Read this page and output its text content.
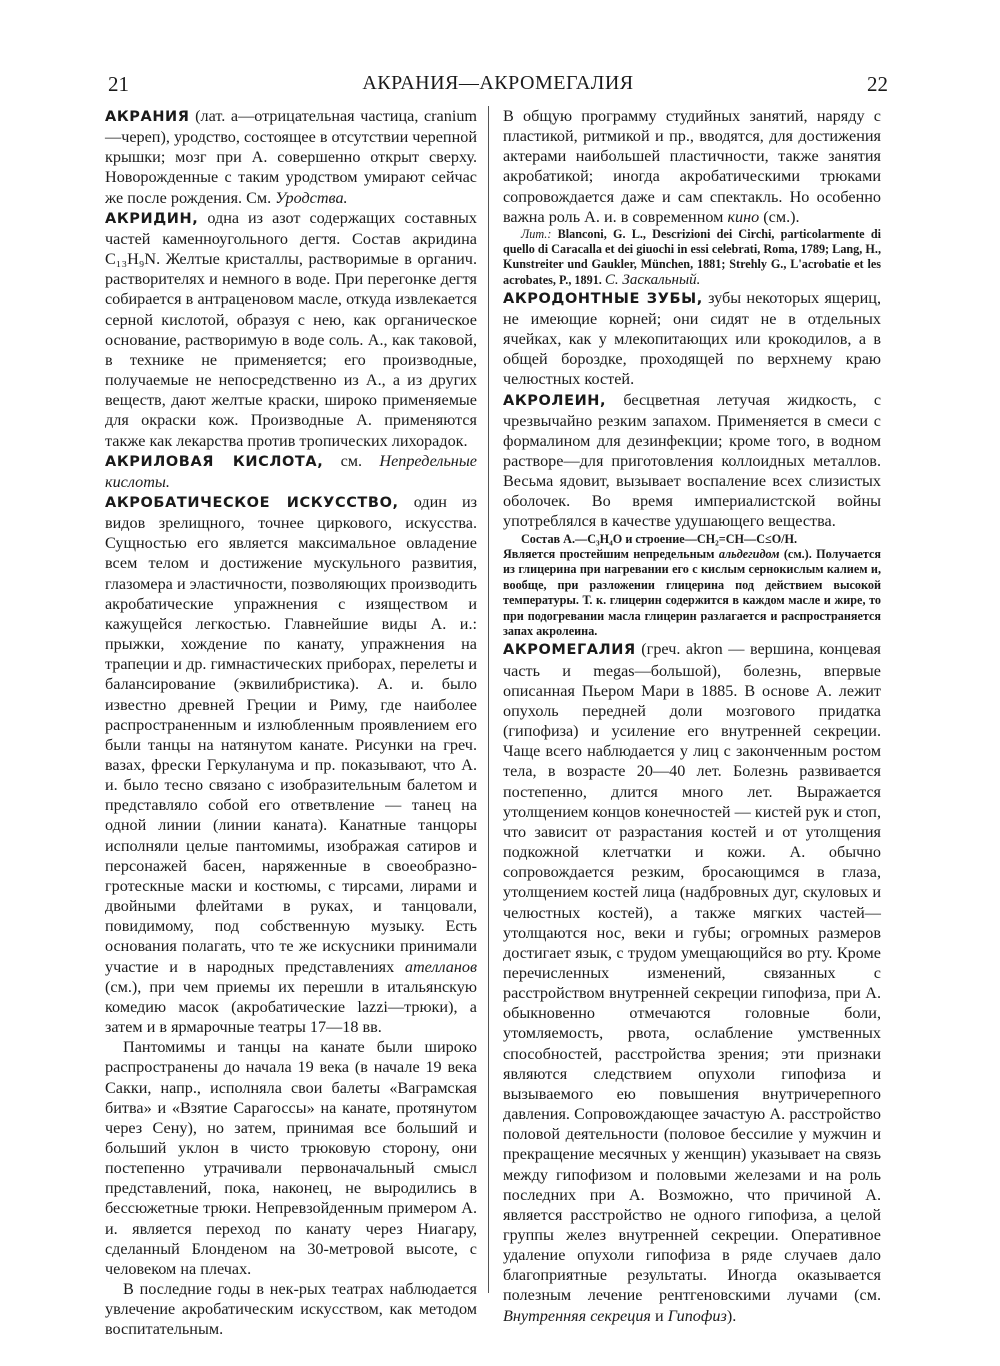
21	АКРАНИЯ—АКРОМЕГАЛИЯ	22

АКРАНИЯ (лат. a—отрицательная частица, cranium—череп), уродство, состоящее в отсутствии черепной крышки; мозг при А. совершенно открыт сверху. Новорожденные с таким уродством умирают сейчас же после рождения. См. Уродства.

АКРИДИН, одна из азот содержащих составных частей каменноугольного дегтя. Состав акридина C₁₃H₉N. Желтые кристаллы, растворимые в органич. растворителях и немного в воде. При перегонке дегтя собирается в антраценовом масле, откуда извлекается серной кислотой, образуя с нею, как органическое основание, растворимую в воде соль. А., как таковой, в технике не применяется; его производные, получаемые не непосредственно из А., а из других веществ, дают желтые краски, широко применяемые для окраски кож. Производные А. применяются также как лекарства против тропических лихорадок.

АКРИЛОВАЯ КИСЛОТА, см. Непредельные кислоты.

АКРОБАТИЧЕСКОЕ ИСКУССТВО, один из видов зрелищного, точнее циркового, искусства. Сущностью его является максимальное овладение всем телом и достижение мускульного развития, глазомера и эластичности, позволяющих производить акробатические упражнения с изяществом и кажущейся легкостью. Главнейшие виды А. и.: прыжки, хождение по канату, упражнения на трапеции и др. гимнастических приборах, перелеты и балансирование (эквилибристика). А. и. было известно древней Греции и Риму, где наиболее распространенным и излюбленным проявлением его были танцы на натянутом канате. Рисунки на греч. вазах, фрески Геркуланума и пр. показывают, что А. и. было тесно связано с изобразительным балетом и представляло собой его ответвление — танец на одной линии (линии каната). Канатные танцоры исполняли целые пантомимы, изображая сатиров и персонажей басен, наряженные в своеобразно-гротескные маски и костюмы, с тирсами, лирами и двойными флейтами в руках, и танцовали, повидимому, под собственную музыку. Есть основания полагать, что те же искусники принимали участие и в народных представлениях ателланов (см.), при чем приемы их перешли в итальянскую комедию масок (акробатические lazzi—трюки), а затем и в ярмарочные театры 17—18 вв.

Пантомимы и танцы на канате были широко распространены до начала 19 века (в начале 19 века Сакки, напр., исполняла свои балеты «Ваграмская битва» и «Взятие Сарагоссы» на канате, протянутом через Сену), но затем, принимая все больший и больший уклон в чисто трюковую сторону, они постепенно утрачивали первоначальный смысл представлений, пока, наконец, не выродились в бессюжетные трюки. Непревзойденным примером А. и. является переход по канату через Ниагару, сделанный Блонденом на 30-метровой высоте, с человеком на плечах.

В последние годы в нек-рых театрах наблюдается увлечение акробатическим искусством, как методом воспитательным.

В общую программу студийных занятий, наряду с пластикой, ритмикой и пр., вводятся, для достижения актерами наибольшей пластичности, также занятия акробатикой; иногда акробатическими трюками сопровождается даже и сам спектакль. Но особенно важна роль А. и. в современном кино (см.).

Лит.: Blanconi, G. L., Descrizioni dei Circhi, particolarmente di quello di Caracalla et dei giuochi in essi celebrati, Roma, 1789; Lang, H., Kunstreiter und Gaukler, München, 1881; Strehly G., L'acrobatie et les acrobates, P., 1891. С. Заскальный.

АКРОДОНТНЫЕ ЗУБЫ, зубы некоторых ящериц, не имеющие корней; они сидят не в отдельных ячейках, как у млекопитающих или крокодилов, а в общей бороздке, проходящей по верхнему краю челюстных костей.

АКРОЛЕИН, бесцветная летучая жидкость, с чрезвычайно резким запахом. Применяется в смеси с формалином для дезинфекции; кроме того, в водном растворе—для приготовления коллоидных металлов. Весьма ядовит, вызывает воспаление всех слизистых оболочек. Во время империалистской войны употреблялся в качестве удушающего вещества.

Состав А.—C₃H₄O и строение—CH₂=CH—C≤O/H.

Является простейшим непредельным альдегидом (см.). Получается из глицерина при нагревании его с кислым сернокислым калием и, вообще, при разложении глицерина под действием высокой температуры. Т. к. глицерин содержится в каждом масле и жире, то при подогревании масла глицерин разлагается и распространяется запах акролеина.

АКРОМЕГАЛИЯ (греч. akron — вершина, концевая часть и megas—большой), болезнь, впервые описанная Пьером Мари в 1885. В основе А. лежит опухоль передней доли мозгового придатка (гипофиза) и усиление его внутренней секреции. Чаще всего наблюдается у лиц с законченным ростом тела, в возрасте 20—40 лет. Болезнь развивается постепенно, длится много лет. Выражается утолщением концов конечностей — кистей рук и стоп, что зависит от разрастания костей и от утолщения подкожной клетчатки и кожи. А. обычно сопровождается резким, бросающимся в глаза, утолщением костей лица (надбровных дуг, скуловых и челюстных костей), а также мягких частей—утолщаются нос, веки и губы; огромных размеров достигает язык, с трудом умещающийся во рту. Кроме перечисленных изменений, связанных с расстройством внутренней секреции гипофиза, при А. обыкновенно отмечаются головные боли, утомляемость, рвота, ослабление умственных способностей, расстройства зрения; эти признаки являются следствием опухоли гипофиза и вызываемого ею повышения внутричерепного давления. Сопровождающее зачастую А. расстройство половой деятельности (половое бессилие у мужчин и прекращение месячных у женщин) указывает на связь между гипофизом и половыми железами и на роль последних при А. Возможно, что причиной А. является расстройство не одного гипофиза, а целой группы желез внутренней секреции. Оперативное удаление опухоли гипофиза в ряде случаев дало благоприятные результаты. Иногда оказывается полезным лечение рентгеновскими лучами (см. Внутренняя секреция и Гипофиз).
